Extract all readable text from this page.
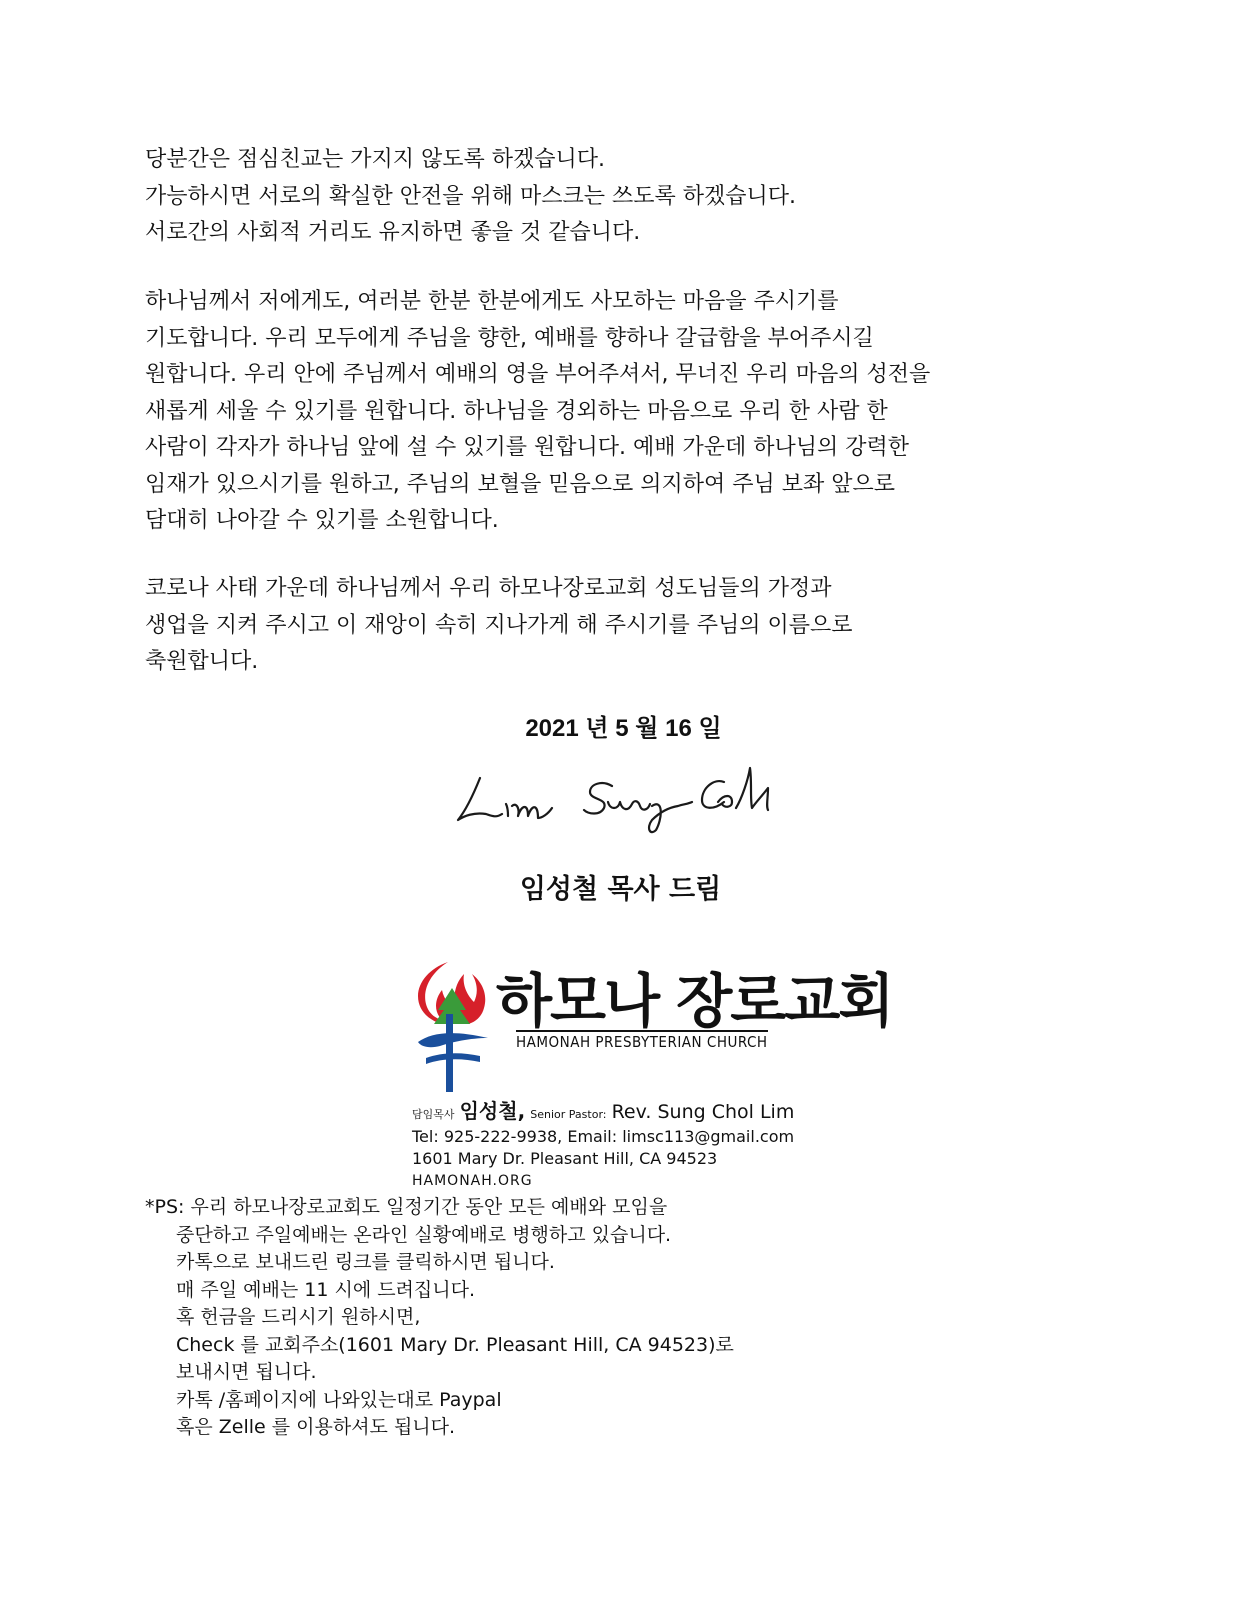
당분간은 점심친교는 가지지 않도록 하겠습니다.
가능하시면 서로의 확실한 안전을 위해 마스크는 쓰도록 하겠습니다.
서로간의 사회적 거리도 유지하면 좋을 것 같습니다.
하나님께서 저에게도, 여러분 한분 한분에게도 사모하는 마음을 주시기를
기도합니다. 우리 모두에게 주님을 향한, 예배를 향하나 갈급함을 부어주시길
원합니다. 우리 안에 주님께서 예배의 영을 부어주셔서, 무너진 우리 마음의 성전을
새롭게 세울 수 있기를 원합니다. 하나님을 경외하는 마음으로 우리 한 사람 한
사람이 각자가 하나님 앞에 설 수 있기를 원합니다. 예배 가운데 하나님의 강력한
임재가 있으시기를 원하고, 주님의 보혈을 믿음으로 의지하여 주님 보좌 앞으로
담대히 나아갈 수 있기를 소원합니다.
코로나 사태 가운데 하나님께서 우리 하모나장로교회 성도님들의 가정과
생업을 지켜 주시고 이 재앙이 속히 지나가게 해 주시기를 주님의 이름으로
축원합니다.
2021 년 5 월 16 일
임성철 목사 드림
하모나 장로교회
HAMONAH PRESBYTERIAN CHURCH
담임목사 임성철, Senior Pastor: Rev. Sung Chol Lim
Tel: 925-222-9938, Email: limsc113@gmail.com
1601 Mary Dr. Pleasant Hill, CA 94523
HAMONAH.ORG
*PS: 우리 하모나장로교회도 일정기간 동안 모든 예배와 모임을
중단하고 주일예배는 온라인 실황예배로 병행하고 있습니다.
카톡으로 보내드린 링크를 클릭하시면 됩니다.
매 주일 예배는 11 시에 드려집니다.
혹 헌금을 드리시기 원하시면,
Check 를 교회주소(1601 Mary Dr. Pleasant Hill, CA 94523)로
보내시면 됩니다.
카톡 /홈페이지에 나와있는대로 Paypal
혹은 Zelle 를 이용하셔도 됩니다.
